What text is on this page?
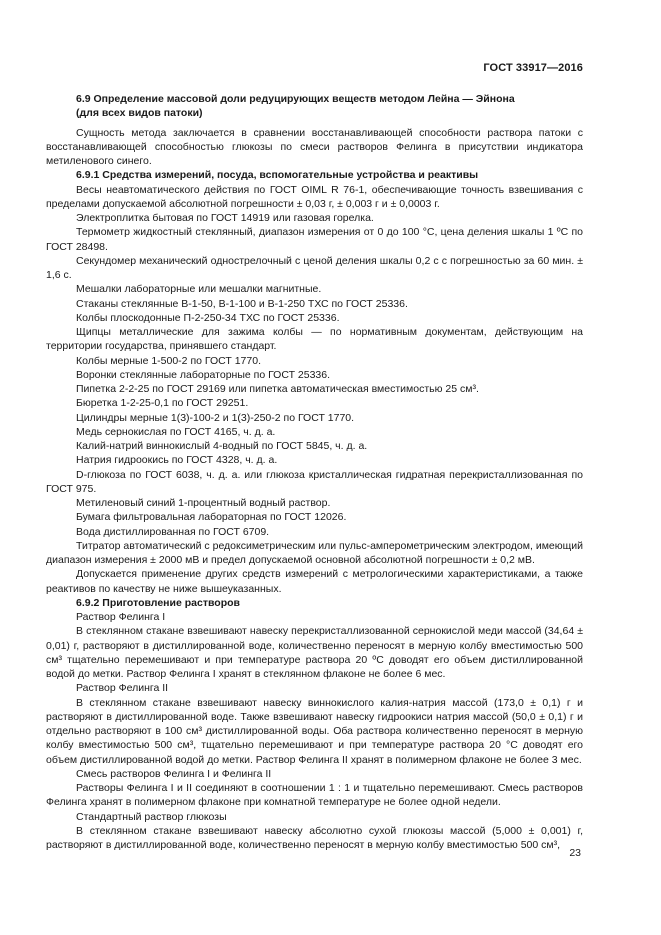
ГОСТ 33917—2016

6.9 Определение массовой доли редуцирующих веществ методом Лейна — Эйнона

(для всех видов патоки)

Сущность метода заключается в сравнении восстанавливающей способности раствора патоки с восстанавливающей способностью глюкозы по смеси растворов Фелинга в присутствии индикатора метиленового синего.

6.9.1 Средства измерений, посуда, вспомогательные устройства и реактивы

Весы неавтоматического действия по ГОСТ OIML R 76-1, обеспечивающие точность взвешивания с пределами допускаемой абсолютной погрешности ± 0,03 г, ± 0,003 г и ± 0,0003 г.

Электроплитка бытовая по ГОСТ 14919 или газовая горелка.

Термометр жидкостный стеклянный, диапазон измерения от 0 до 100 °С, цена деления шкалы 1 ºС по ГОСТ 28498.

Секундомер механический однострелочный с ценой деления шкалы 0,2 с с погрешностью за 60 мин. ± 1,6 с.

Мешалки лабораторные или мешалки магнитные.

Стаканы стеклянные В-1-50, В-1-100 и В-1-250 ТХС по ГОСТ 25336.

Колбы плоскодонные П-2-250-34 ТХС по ГОСТ 25336.

Щипцы металлические для зажима колбы — по нормативным документам, действующим на территории государства, принявшего стандарт.

Колбы мерные 1-500-2 по ГОСТ 1770.

Воронки стеклянные лабораторные по ГОСТ 25336.

Пипетка 2-2-25 по ГОСТ 29169 или пипетка автоматическая вместимостью 25 см³.

Бюретка 1-2-25-0,1 по ГОСТ 29251.

Цилиндры мерные 1(3)-100-2 и 1(3)-250-2 по ГОСТ 1770.

Медь сернокислая по ГОСТ 4165, ч. д. а.

Калий-натрий виннокислый 4-водный по ГОСТ 5845, ч. д. а.

Натрия гидроокись по ГОСТ 4328, ч. д. а.

D-глюкоза по ГОСТ 6038, ч. д. а. или глюкоза кристаллическая гидратная перекристаллизованная по ГОСТ 975.

Метиленовый синий 1-процентный водный раствор.

Бумага фильтровальная лабораторная по ГОСТ 12026.

Вода дистиллированная по ГОСТ 6709.

Титратор автоматический с редоксиметрическим или пульс-амперометрическим электродом, имеющий диапазон измерения ± 2000 мВ и предел допускаемой основной абсолютной погрешности ± 0,2 мВ.

Допускается применение других средств измерений с метрологическими характеристиками, а также реактивов по качеству не ниже вышеуказанных.

6.9.2 Приготовление растворов

Раствор Фелинга I

В стеклянном стакане взвешивают навеску перекристаллизованной сернокислой меди массой (34,64 ± 0,01) г, растворяют в дистиллированной воде, количественно переносят в мерную колбу вместимостью 500 см³ тщательно перемешивают и при температуре раствора 20 ºС доводят его объем дистиллированной водой до метки. Раствор Фелинга I хранят в стеклянном флаконе не более 6 мес.

Раствор Фелинга II

В стеклянном стакане взвешивают навеску виннокислого калия-натрия массой (173,0 ± 0,1) г и растворяют в дистиллированной воде. Также взвешивают навеску гидроокиси натрия массой (50,0 ± 0,1) г и отдельно растворяют в 100 см³ дистиллированной воды. Оба раствора количественно переносят в мерную колбу вместимостью 500 см³, тщательно перемешивают и при температуре раствора 20 °С доводят его объем дистиллированной водой до метки. Раствор Фелинга II хранят в полимерном флаконе не более 3 мес.

Смесь растворов Фелинга I и Фелинга II

Растворы Фелинга I и II соединяют в соотношении 1 : 1 и тщательно перемешивают. Смесь растворов Фелинга хранят в полимерном флаконе при комнатной температуре не более одной недели.

Стандартный раствор глюкозы

В стеклянном стакане взвешивают навеску абсолютно сухой глюкозы массой (5,000 ± 0,001) г, растворяют в дистиллированной воде, количественно переносят в мерную колбу вместимостью 500 см³,

23
